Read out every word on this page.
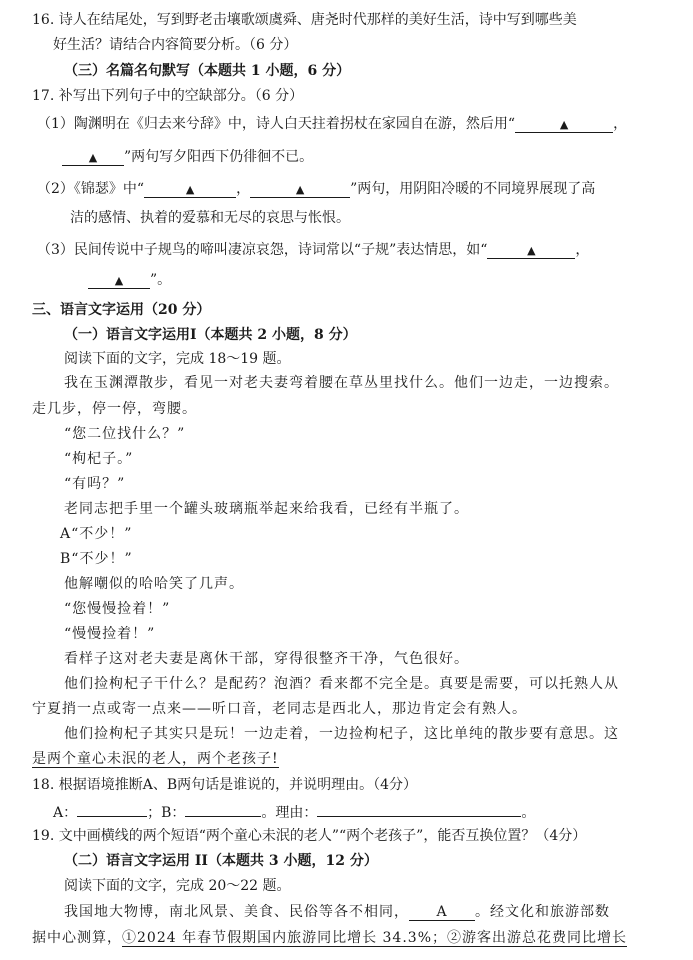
16. 诗人在结尾处，写到野老击壤歌颂虞舜、唐尧时代那样的美好生活，诗中写到哪些美
好生活？请结合内容简要分析。（6 分）
（三）名篇名句默写（本题共 1 小题，6 分）
17. 补写出下列句子中的空缺部分。（6 分）
（1）陶渊明在《归去来兮辞》中，诗人白天拄着拐杖在家园自在游，然后用“	▲	，
▲ ”两句写夕阳西下仍徘徊不已。
（2）《锦瑟》中“	▲	，	▲	”两句，用阴阳冷暖的不同境界展现了高
洁的感情、执着的爱慕和无尽的哀思与怅恨。
（3）民间传说中子规鸟的啼叫凄凉哀怨，诗词常以“子规”表达情思，如“	▲	，
▲ ”。
三、语言文字运用（20 分）
（一）语言文字运用Ⅰ（本题共 2 小题，8 分）
阅读下面的文字，完成 18～19 题。
我在玉渊潭散步，看见一对老夫妻弯着腰在草丛里找什么。他们一边走，一边搜索。
走几步，停一停，弯腰。
“您二位找什么？”
“枸杞子。”
“有吗？”
老同志把手里一个罐头玻璃瓶举起来给我看，已经有半瓶了。
A“不少！”
B“不少！”
他解嘲似的哈哈笑了几声。
“您慢慢捡着！”
“慢慢捡着！”
看样子这对老夫妻是离休干部，穿得很整齐干净，气色很好。
他们捡枸杞子干什么？是配药？泡酒？看来都不完全是。真要是需要，可以托熟人从
宁夏捎一点或寄一点来——听口音，老同志是西北人，那边肯定会有熟人。
他们捡枸杞子其实只是玩！一边走着，一边捡枸杞子，这比单纯的散步要有意思。这
是两个童心未泯的老人，两个老孩子!
18. 根据语境推断A、B两句话是谁说的，并说明理由。（4分）
A：	；B：	。理由：	。
19. 文中画横线的两个短语“两个童心未泯的老人”“两个老孩子”，能否互换位置？（4分）
（二）语言文字运用 II（本题共 3 小题，12 分）
阅读下面的文字，完成 20～22 题。
我国地大物博，南北风景、美食、民俗等各不相同， A 。经文化和旅游部数
据中心测算，①2024 年春节假期国内旅游同比增长 34.3%；②游客出游总花费同比增长
